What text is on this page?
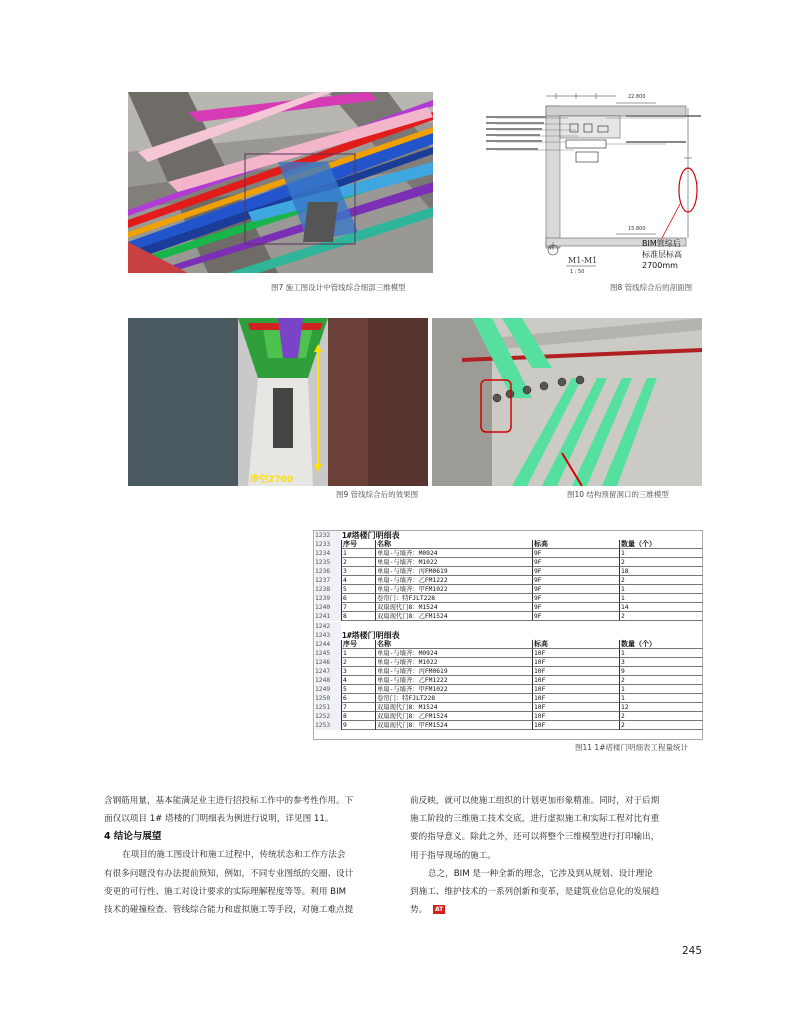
图7 施工图设计中管线综合细部三维模型
22.800
15.800
H
M1-M1
1 : 50
BIM管综后
标准层标高
2700mm
图8 管线综合后的剖面图
净空2700
图9 管线综合后的效果图	图10 结构预留洞口的三维模型
1232	1#塔楼门明细表
1233	序号	名称	标高	数量（个）
1234	1	单扇-与墙齐：M0924	9F	1
1235	2	单扇-与墙齐：M1022	9F	2
1236	3	单扇-与墙齐：丙FM0619	9F	18
1237	4	单扇-与墙齐：乙FM1222	9F	2
1238	5	单扇-与墙齐：甲FM1022	9F	1
1239	6	卷帘门：特FJLT228	9F	1
1240	7	双扇现代门8：M1524	9F	14
1241	8	双扇现代门8：乙FM1524	9F	2
1242
1243	1#塔楼门明细表
1244	序号	名称	标高	数量（个）
1245	1	单扇-与墙齐：M0924	10F	1
1246	2	单扇-与墙齐：M1022	10F	3
1247	3	单扇-与墙齐：丙FM0619	10F	9
1248	4	单扇-与墙齐：乙FM1222	10F	2
1249	5	单扇-与墙齐：甲FM1022	10F	1
1250	6	卷帘门：特FJLT228	10F	1
1251	7	双扇现代门8：M1524	10F	12
1252	8	双扇现代门8：乙FM1524	10F	2
1253	9	双扇现代门8：甲FM1524	10F	2
图11 1#塔楼门明细表工程量统计
含钢筋用量，基本能满足业主进行招投标工作中的参考性作用。下
面仅以项目 1# 塔楼的门明细表为例进行说明，详见图 11。
4 结论与展望
在项目的施工图设计和施工过程中，传统状态和工作方法会
有很多问题没有办法提前预知，例如，不同专业图纸的交圈、设计
变更的可行性、施工对设计要求的实际理解程度等等。利用 BIM
技术的碰撞检查、管线综合能力和虚拟施工等手段，对施工难点提
前反映，就可以使施工组织的计划更加形象精准。同时，对于后期
施工阶段的三维施工技术交底，进行虚拟施工和实际工程对比有重
要的指导意义。除此之外，还可以将整个三维模型进行打印输出，
用于指导现场的施工。
总之，BIM 是一种全新的理念，它涉及到从规划、设计理论
到施工、维护技术的一系列创新和变革，是建筑业信息化的发展趋
势。 AT
245
